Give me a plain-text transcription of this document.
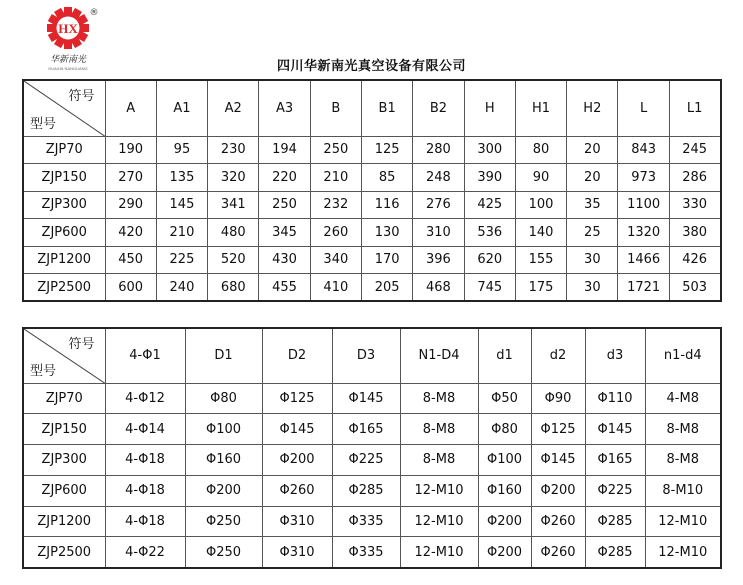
HX
®
华新南光
HUAXIN NANGUANG	四川华新南光真空设备有限公司
符号
型号	A	A1	A2	A3	B	B1	B2	H	H1	H2	L	L1
ZJP70	190	95	230	194	250	125	280	300	80	20	843	245
ZJP150	270	135	320	220	210	85	248	390	90	20	973	286
ZJP300	290	145	341	250	232	116	276	425	100	35	1100	330
ZJP600	420	210	480	345	260	130	310	536	140	25	1320	380
ZJP1200	450	225	520	430	340	170	396	620	155	30	1466	426
ZJP2500	600	240	680	455	410	205	468	745	175	30	1721	503
符号
型号	4-Φ1	D1	D2	D3	N1-D4	d1	d2	d3	n1-d4
ZJP70	4-Φ12	Φ80	Φ125	Φ145	8-M8	Φ50	Φ90	Φ110	4-M8
ZJP150	4-Φ14	Φ100	Φ145	Φ165	8-M8	Φ80	Φ125	Φ145	8-M8
ZJP300	4-Φ18	Φ160	Φ200	Φ225	8-M8	Φ100	Φ145	Φ165	8-M8
ZJP600	4-Φ18	Φ200	Φ260	Φ285	12-M10	Φ160	Φ200	Φ225	8-M10
ZJP1200	4-Φ18	Φ250	Φ310	Φ335	12-M10	Φ200	Φ260	Φ285	12-M10
ZJP2500	4-Φ22	Φ250	Φ310	Φ335	12-M10	Φ200	Φ260	Φ285	12-M10
